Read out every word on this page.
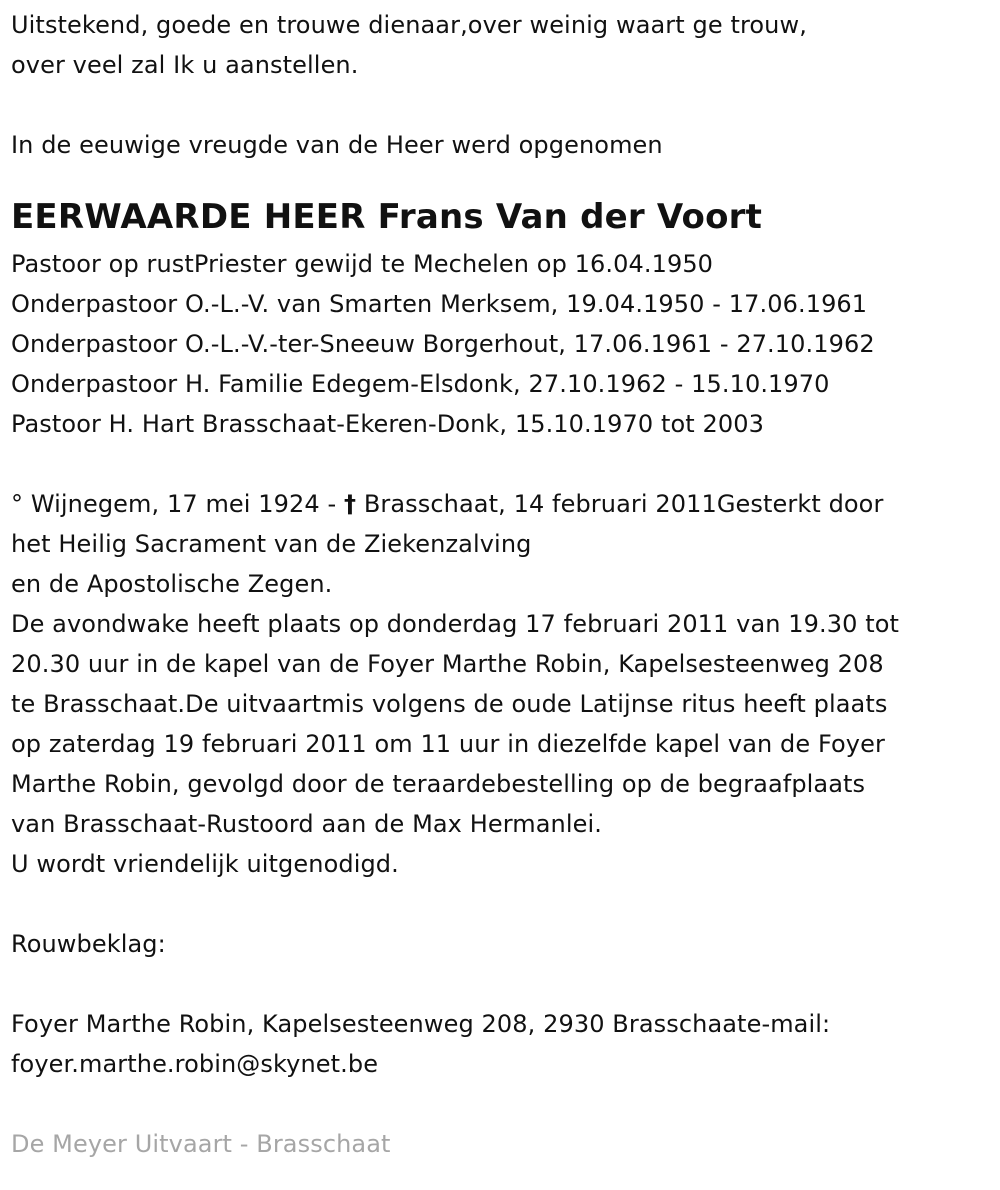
Uitstekend, goede en trouwe dienaar,over weinig waart ge trouw,
over veel zal Ik u aanstellen.
In de eeuwige vreugde van de Heer werd opgenomen
EERWAARDE HEER Frans Van der Voort
Pastoor op rustPriester gewijd te Mechelen op 16.04.1950
Onderpastoor O.-L.-V. van Smarten Merksem, 19.04.1950 - 17.06.1961
Onderpastoor O.-L.-V.-ter-Sneeuw Borgerhout, 17.06.1961 - 27.10.1962
Onderpastoor H. Familie Edegem-Elsdonk, 27.10.1962 - 15.10.1970
Pastoor H. Hart Brasschaat-Ekeren-Donk, 15.10.1970 tot 2003
° Wijnegem, 17 mei 1924 - † Brasschaat, 14 februari 2011Gesterkt door
het Heilig Sacrament van de Ziekenzalving
en de Apostolische Zegen.
De avondwake heeft plaats op donderdag 17 februari 2011 van 19.30 tot
20.30 uur in de kapel van de Foyer Marthe Robin, Kapelsesteenweg 208
te Brasschaat.De uitvaartmis volgens de oude Latijnse ritus heeft plaats
op zaterdag 19 februari 2011 om 11 uur in diezelfde kapel van de Foyer
Marthe Robin, gevolgd door de teraardebestelling op de begraafplaats
van Brasschaat-Rustoord aan de Max Hermanlei.
U wordt vriendelijk uitgenodigd.
Rouwbeklag:
Foyer Marthe Robin, Kapelsesteenweg 208, 2930 Brasschaate-mail:
foyer.marthe.robin@skynet.be
De Meyer Uitvaart - Brasschaat
